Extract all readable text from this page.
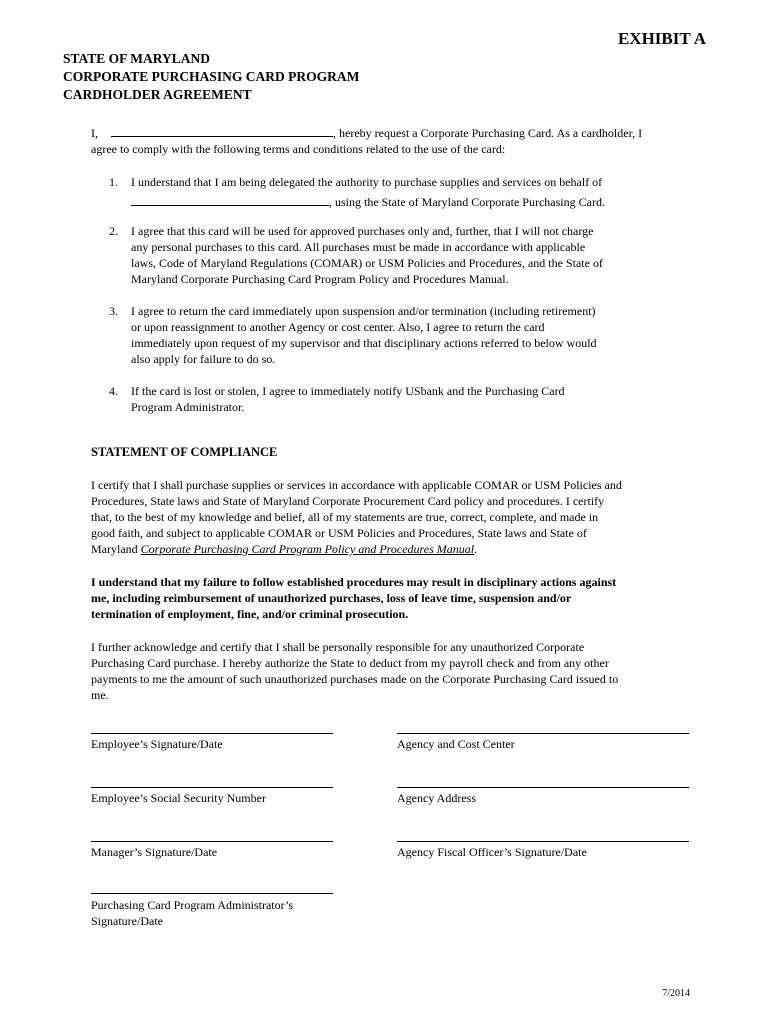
EXHIBIT A
STATE OF MARYLAND
CORPORATE PURCHASING CARD PROGRAM
CARDHOLDER AGREEMENT
I,	, hereby request a Corporate Purchasing Card. As a cardholder, I
agree to comply with the following terms and conditions related to the use of the card:
1. I understand that I am being delegated the authority to purchase supplies and services on behalf of
, using the State of Maryland Corporate Purchasing Card.
2. I agree that this card will be used for approved purchases only and, further, that I will not charge
any personal purchases to this card. All purchases must be made in accordance with applicable
laws, Code of Maryland Regulations (COMAR) or USM Policies and Procedures, and the State of
Maryland Corporate Purchasing Card Program Policy and Procedures Manual.
3. I agree to return the card immediately upon suspension and/or termination (including retirement)
or upon reassignment to another Agency or cost center. Also, I agree to return the card
immediately upon request of my supervisor and that disciplinary actions referred to below would
also apply for failure to do so.
4. If the card is lost or stolen, I agree to immediately notify USbank and the Purchasing Card
Program Administrator.
STATEMENT OF COMPLIANCE
I certify that I shall purchase supplies or services in accordance with applicable COMAR or USM Policies and
Procedures, State laws and State of Maryland Corporate Procurement Card policy and procedures. I certify
that, to the best of my knowledge and belief, all of my statements are true, correct, complete, and made in
good faith, and subject to applicable COMAR or USM Policies and Procedures, State laws and State of
Maryland Corporate Purchasing Card Program Policy and Procedures Manual.
I understand that my failure to follow established procedures may result in disciplinary actions against
me, including reimbursement of unauthorized purchases, loss of leave time, suspension and/or
termination of employment, fine, and/or criminal prosecution.
I further acknowledge and certify that I shall be personally responsible for any unauthorized Corporate
Purchasing Card purchase. I hereby authorize the State to deduct from my payroll check and from any other
payments to me the amount of such unauthorized purchases made on the Corporate Purchasing Card issued to
me.
Employee’s Signature/Date	Agency and Cost Center
Employee’s Social Security Number	Agency Address
Manager’s Signature/Date	Agency Fiscal Officer’s Signature/Date
Purchasing Card Program Administrator’s
Signature/Date
7/2014
